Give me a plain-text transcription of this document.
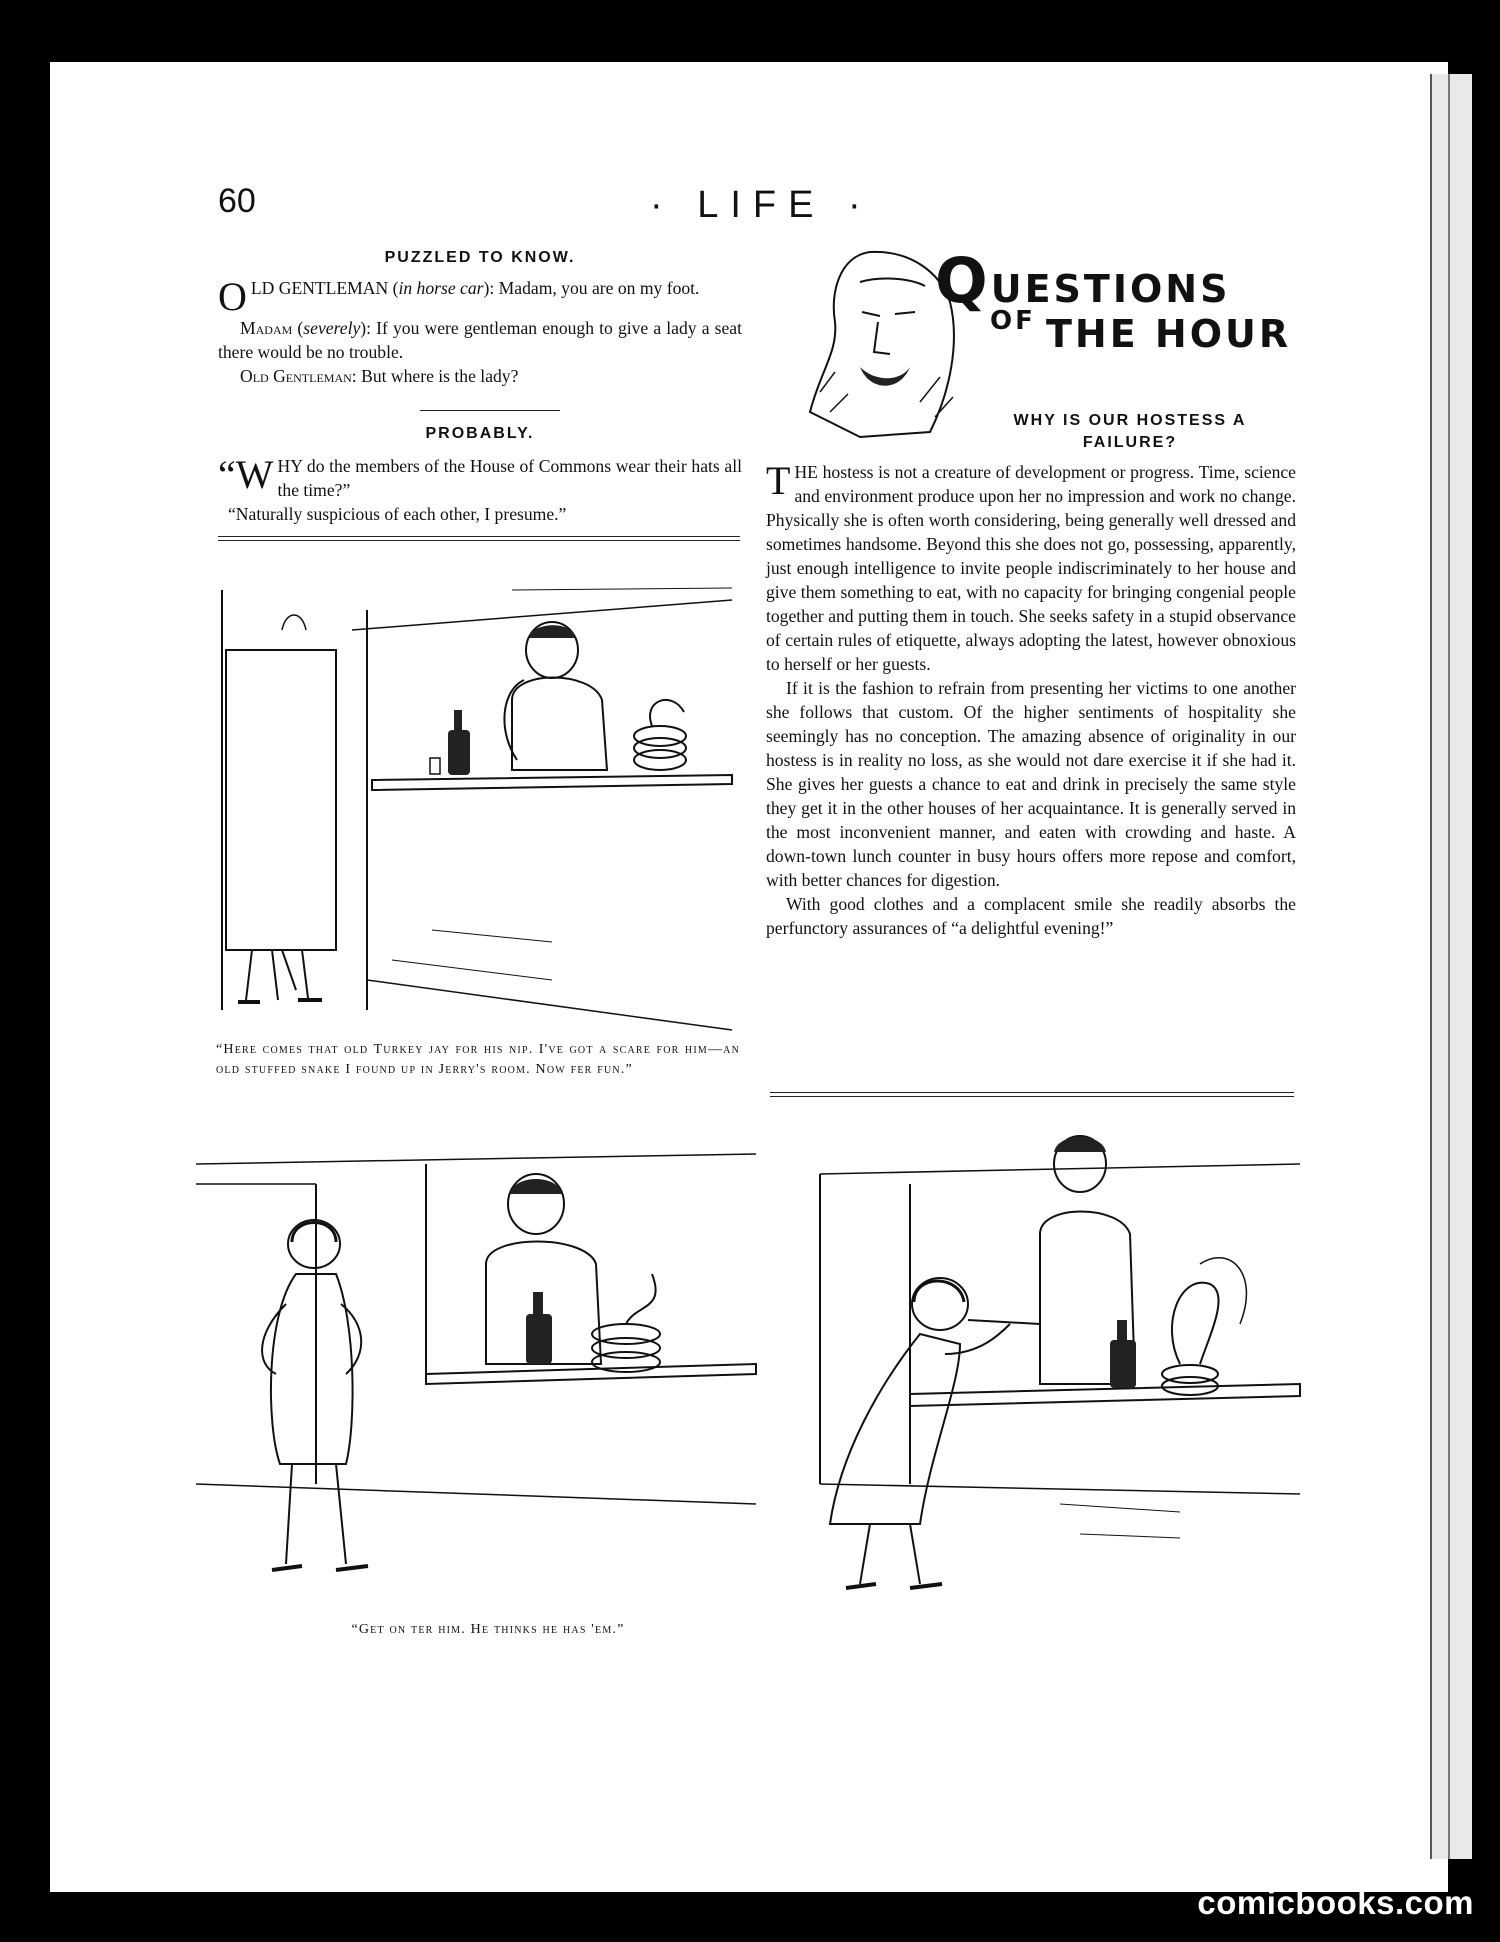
60	· LIFE ·
PUZZLED TO KNOW.

OLD GENTLEMAN (in horse car): Madam, you are on my foot.

Madam (severely): If you were gentleman enough to give a lady a seat there would be no trouble.

Old Gentleman: But where is the lady?

PROBABLY.

“WHY do the members of the House of Commons wear their hats all the time?”

“Naturally suspicious of each other, I presume.”

QUESTIONS
OF THE HOUR
WHY IS OUR HOSTESS A FAILURE?

THE hostess is not a creature of development or progress. Time, science and environment produce upon her no impression and work no change. Physically she is often worth considering, being generally well dressed and sometimes handsome. Beyond this she does not go, possessing, apparently, just enough intelligence to invite people indiscriminately to her house and give them something to eat, with no capacity for bringing congenial people together and putting them in touch. She seeks safety in a stupid observance of certain rules of etiquette, always adopting the latest, however obnoxious to herself or her guests.

If it is the fashion to refrain from presenting her victims to one another she follows that custom. Of the higher sentiments of hospitality she seemingly has no conception. The amazing absence of originality in our hostess is in reality no loss, as she would not dare exercise it if she had it. She gives her guests a chance to eat and drink in precisely the same style they get it in the other houses of her acquaintance. It is generally served in the most inconvenient manner, and eaten with crowding and haste. A down-town lunch counter in busy hours offers more repose and comfort, with better chances for digestion.

With good clothes and a complacent smile she readily absorbs the perfunctory assurances of “a delightful evening!”

“Here comes that old Turkey jay for his nip. I've got a scare for him—an old stuffed snake I found up in Jerry's room. Now fer fun.”
“Get on ter him. He thinks he has 'em.”
comicbooks.com
